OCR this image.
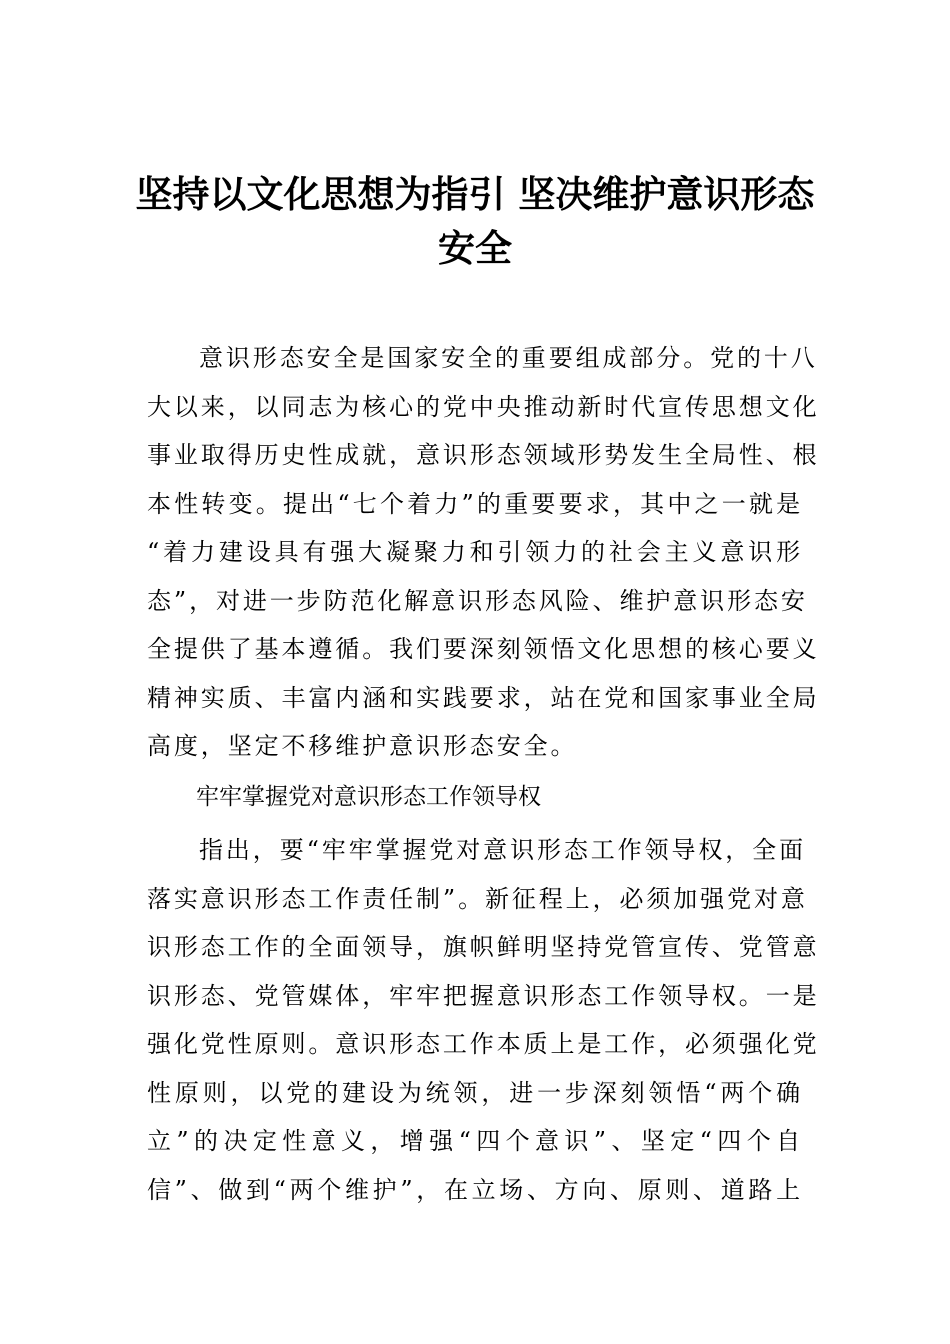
坚持以文化思想为指引 坚决维护意识形态
安全
意识形态安全是国家安全的重要组成部分。党的十八
大以来，以同志为核心的党中央推动新时代宣传思想文化
事业取得历史性成就，意识形态领域形势发生全局性、根
本性转变。提出“七个着力”的重要要求，其中之一就是
“着力建设具有强大凝聚力和引领力的社会主义意识形
态”，对进一步防范化解意识形态风险、维护意识形态安
全提供了基本遵循。我们要深刻领悟文化思想的核心要义
精神实质、丰富内涵和实践要求，站在党和国家事业全局
高度，坚定不移维护意识形态安全。
牢牢掌握党对意识形态工作领导权
指出，要“牢牢掌握党对意识形态工作领导权，全面
落实意识形态工作责任制”。新征程上，必须加强党对意
识形态工作的全面领导，旗帜鲜明坚持党管宣传、党管意
识形态、党管媒体，牢牢把握意识形态工作领导权。一是
强化党性原则。意识形态工作本质上是工作，必须强化党
性原则，以党的建设为统领，进一步深刻领悟“两个确
立”的决定性意义，增强“四个意识”、坚定“四个自
信”、做到“两个维护”，在立场、方向、原则、道路上
